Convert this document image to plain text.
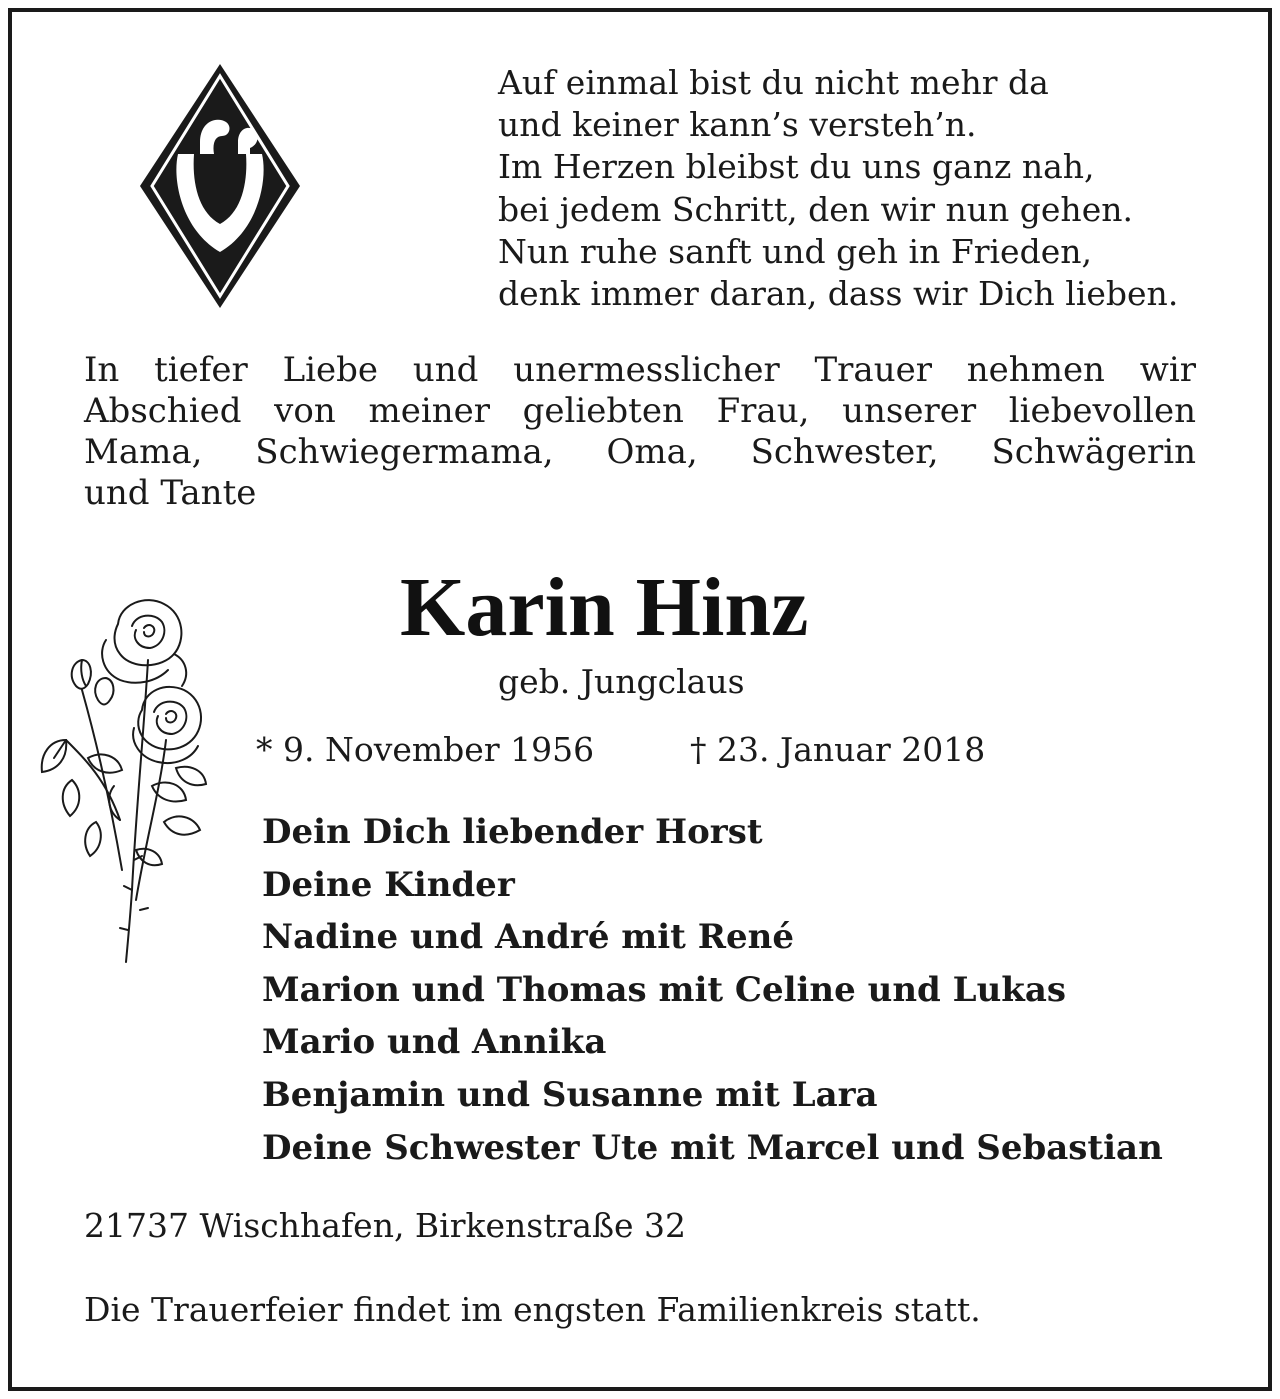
Auf einmal bist du nicht mehr da
und keiner kann’s versteh’n.
Im Herzen bleibst du uns ganz nah,
bei jedem Schritt, den wir nun gehen.
Nun ruhe sanft und geh in Frieden,
denk immer daran, dass wir Dich lieben.
In tiefer Liebe und unermesslicher Trauer nehmen wir
Abschied von meiner geliebten Frau, unserer liebevollen
Mama, Schwiegermama, Oma, Schwester, Schwägerin
und Tante
Karin Hinz
geb. Jungclaus
* 9. November 1956	† 23. Januar 2018
Dein Dich liebender Horst
Deine Kinder
Nadine und André mit René
Marion und Thomas mit Celine und Lukas
Mario und Annika
Benjamin und Susanne mit Lara
Deine Schwester Ute mit Marcel und Sebastian
21737 Wischhafen, Birkenstraße 32
Die Trauerfeier findet im engsten Familienkreis statt.
